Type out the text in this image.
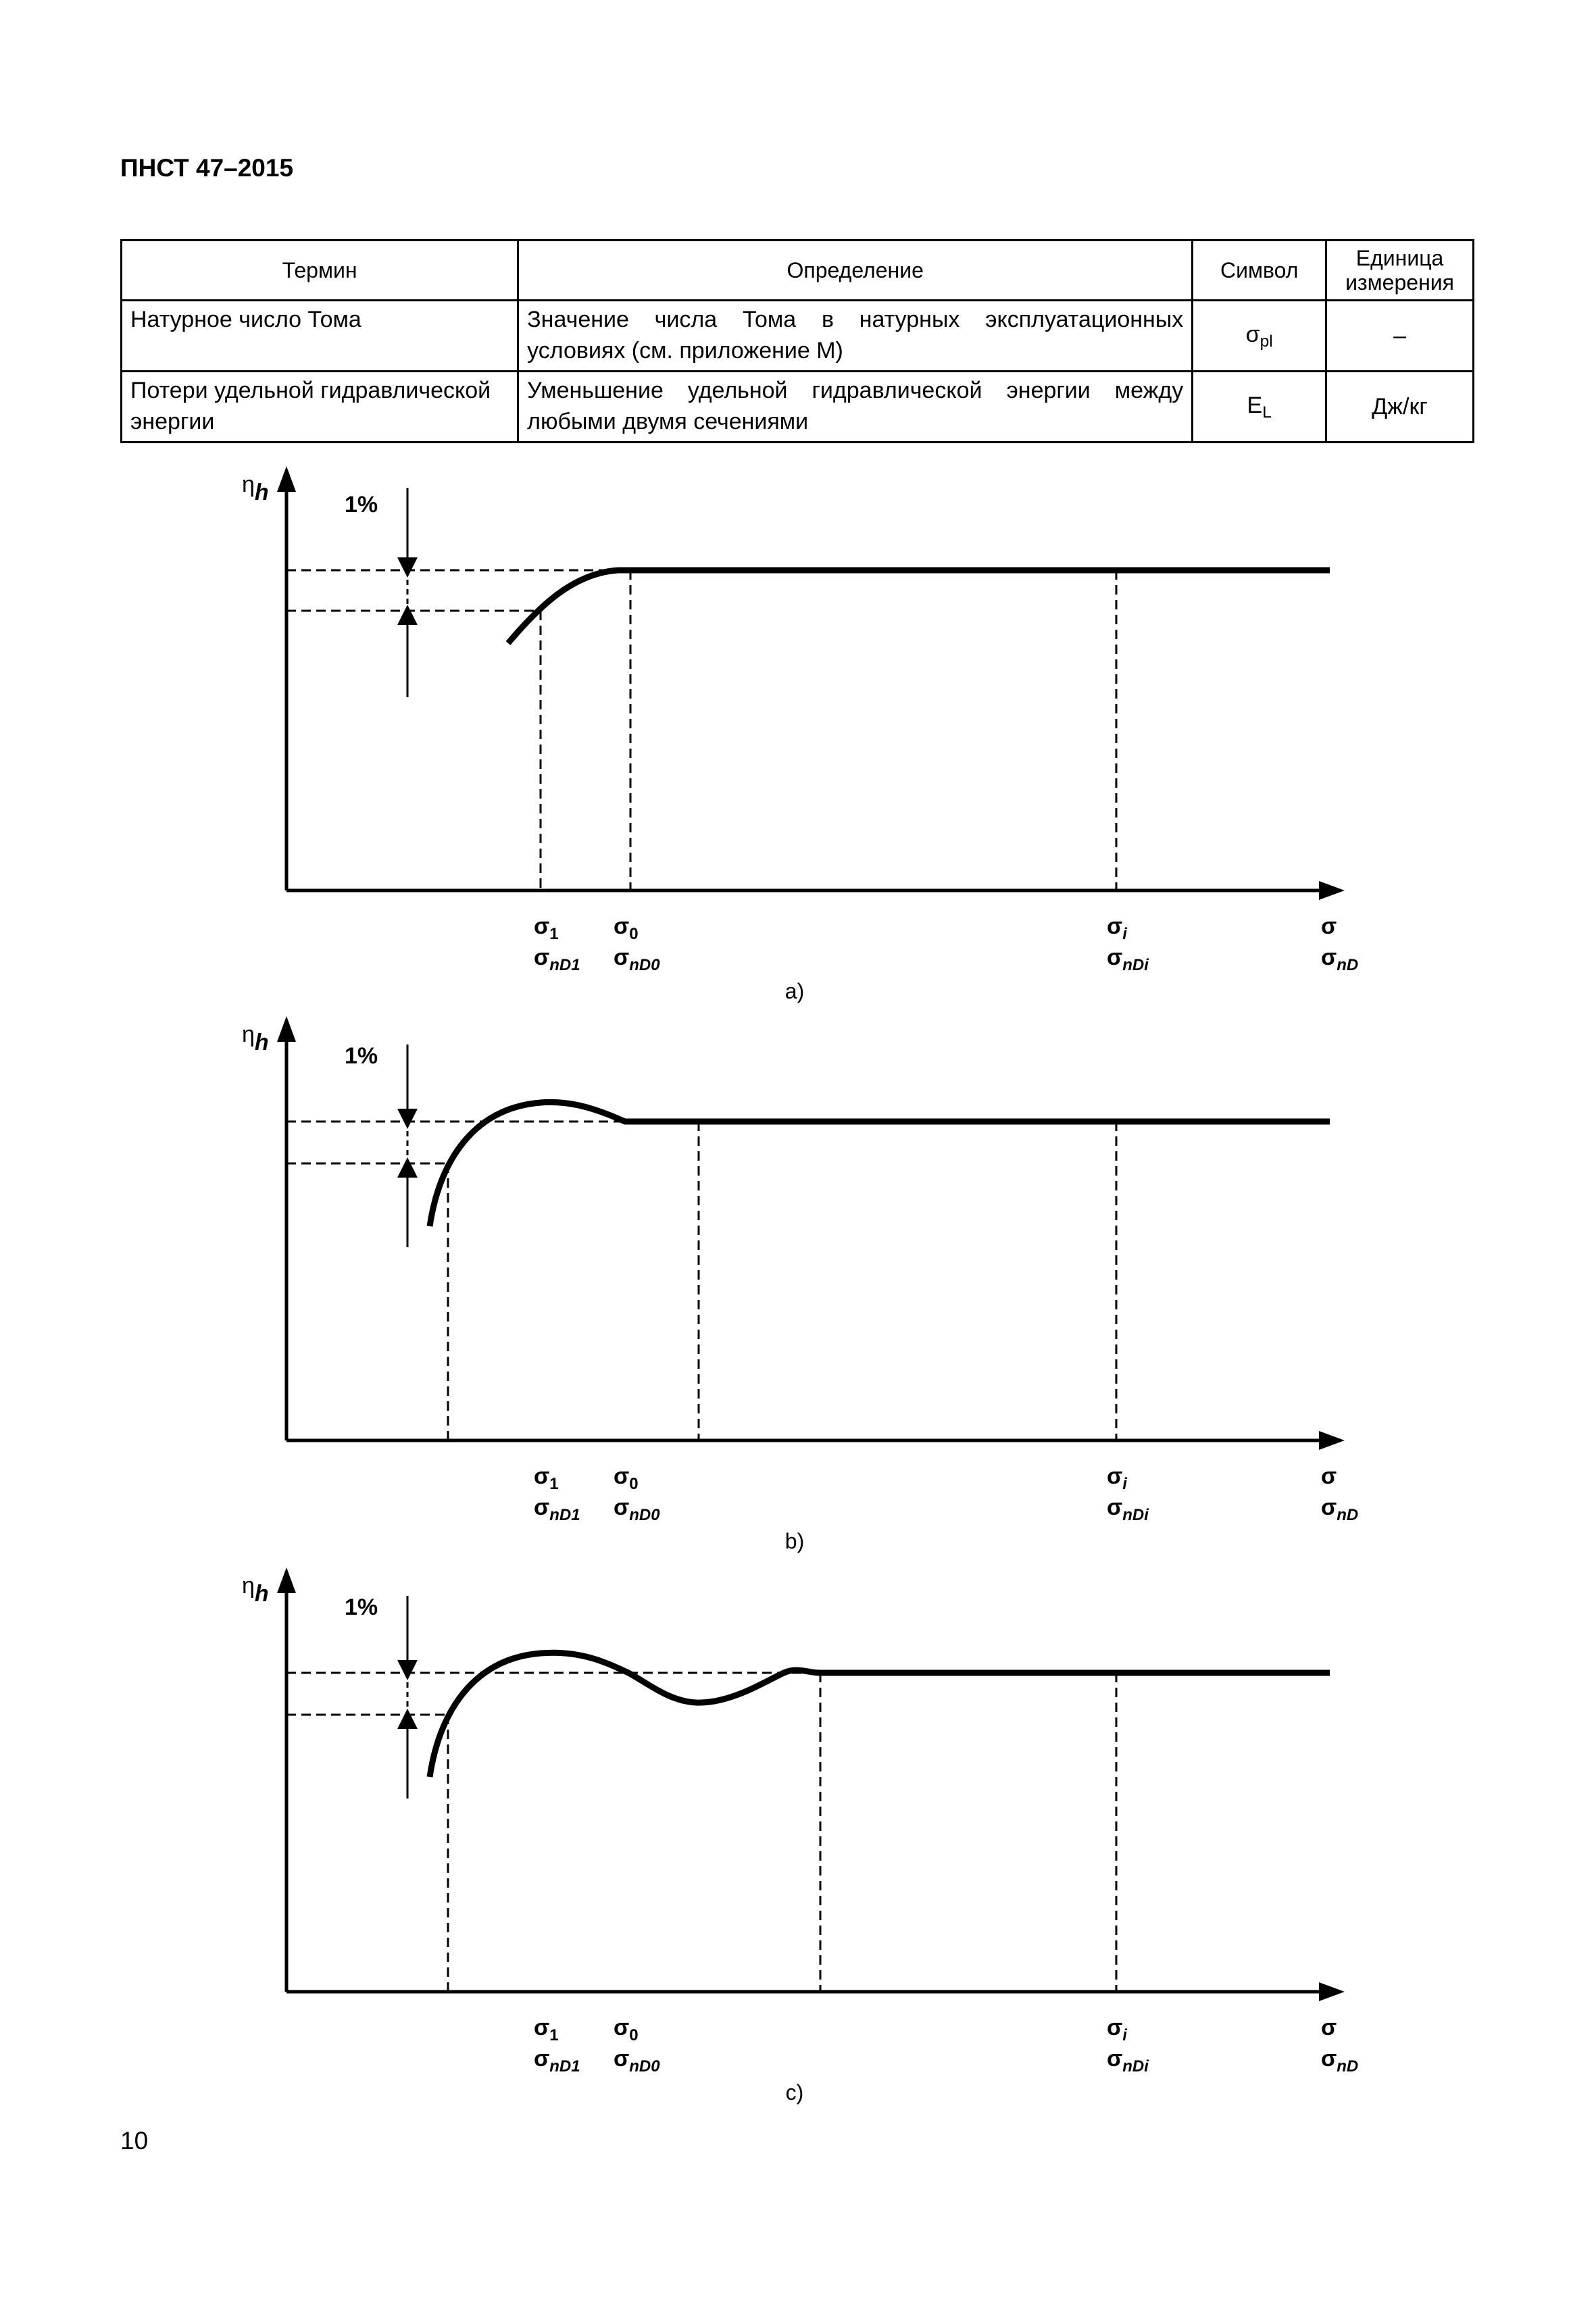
ПНСТ 47–2015
Термин	Определение	Символ	Единица измерения
Натурное число Тома	Значение числа Тома в натурных эксплуатационных условиях (см. приложение М)	$\sigma_{pl}$	–
Потери удельной гидравлической энергии	Уменьшение удельной гидравлической энергии между любыми двумя сечениями	$E_L$	Дж/кг
ηh	1%
ηh
1%
ηh
1%
$\sigma_1$
$\sigma_{nD1}$
$\sigma_0$
$\sigma_{nD0}$
$\sigma_i$
$\sigma_{nDi}$
σ
$\sigma_{nD}$
a)
$\sigma_1$
$\sigma_{nD1}$
$\sigma_0$
$\sigma_{nD0}$
$\sigma_i$
$\sigma_{nDi}$
σ
$\sigma_{nD}$
b)
$\sigma_1$
$\sigma_{nD1}$
$\sigma_0$
$\sigma_{nD0}$
$\sigma_i$
$\sigma_{nDi}$
σ
$\sigma_{nD}$
c)
10
